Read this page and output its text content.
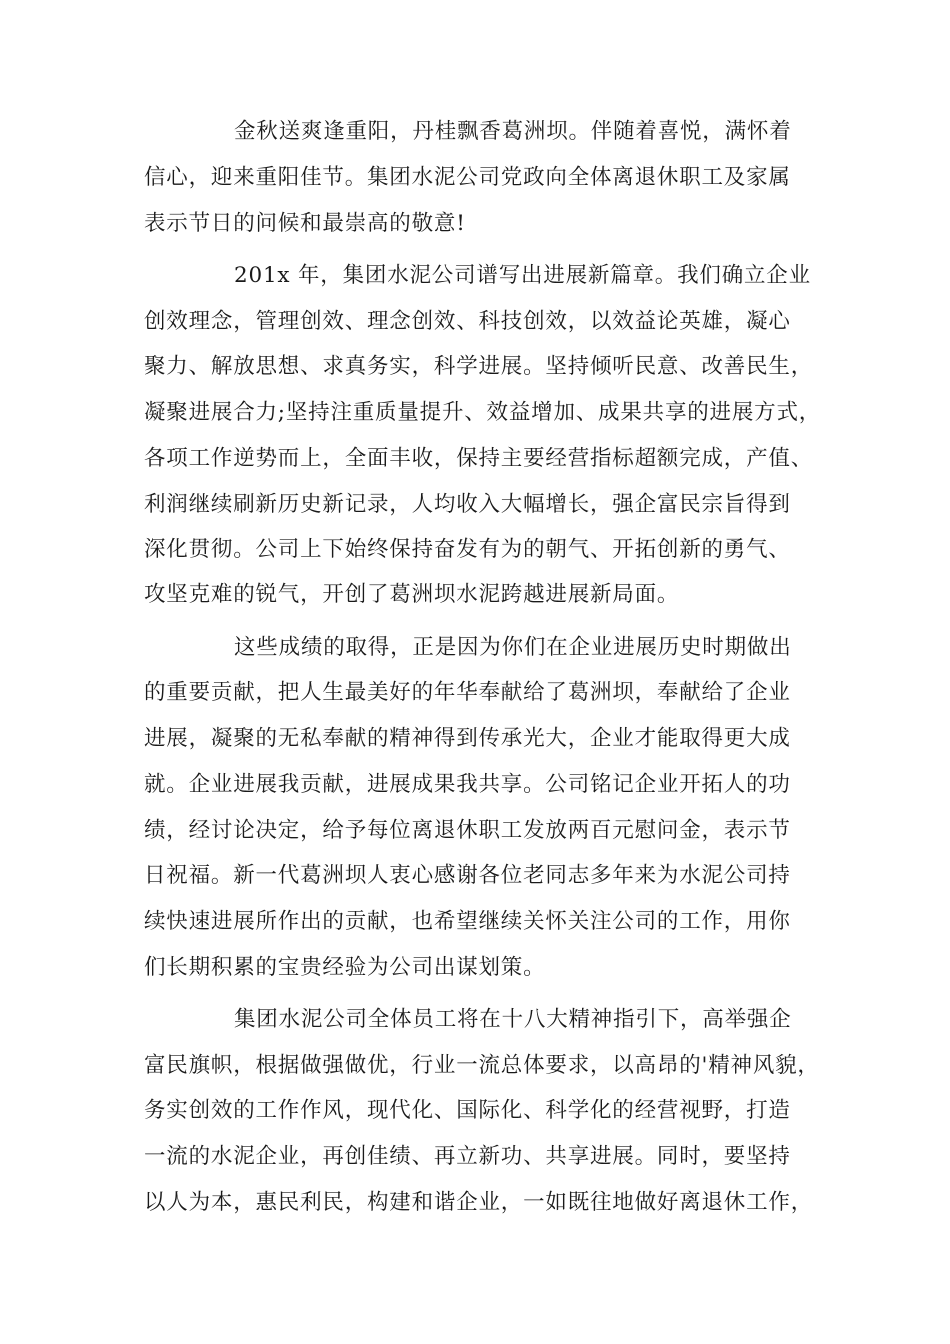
金秋送爽逢重阳，丹桂飘香葛洲坝。伴随着喜悦，满怀着
信心，迎来重阳佳节。集团水泥公司党政向全体离退休职工及家属
表示节日的问候和最崇高的敬意!
201x 年，集团水泥公司谱写出进展新篇章。我们确立企业
创效理念，管理创效、理念创效、科技创效，以效益论英雄，凝心
聚力、解放思想、求真务实，科学进展。坚持倾听民意、改善民生，
凝聚进展合力;坚持注重质量提升、效益增加、成果共享的进展方式，
各项工作逆势而上，全面丰收，保持主要经营指标超额完成，产值、
利润继续刷新历史新记录，人均收入大幅增长，强企富民宗旨得到
深化贯彻。公司上下始终保持奋发有为的朝气、开拓创新的勇气、
攻坚克难的锐气，开创了葛洲坝水泥跨越进展新局面。
这些成绩的取得，正是因为你们在企业进展历史时期做出
的重要贡献，把人生最美好的年华奉献给了葛洲坝，奉献给了企业
进展，凝聚的无私奉献的精神得到传承光大，企业才能取得更大成
就。企业进展我贡献，进展成果我共享。公司铭记企业开拓人的功
绩，经讨论决定，给予每位离退休职工发放两百元慰问金，表示节
日祝福。新一代葛洲坝人衷心感谢各位老同志多年来为水泥公司持
续快速进展所作出的贡献，也希望继续关怀关注公司的工作，用你
们长期积累的宝贵经验为公司出谋划策。
集团水泥公司全体员工将在十八大精神指引下，高举强企
富民旗帜，根据做强做优，行业一流总体要求，以高昂的'精神风貌，
务实创效的工作作风，现代化、国际化、科学化的经营视野，打造
一流的水泥企业，再创佳绩、再立新功、共享进展。同时，要坚持
以人为本，惠民利民，构建和谐企业，一如既往地做好离退休工作，
